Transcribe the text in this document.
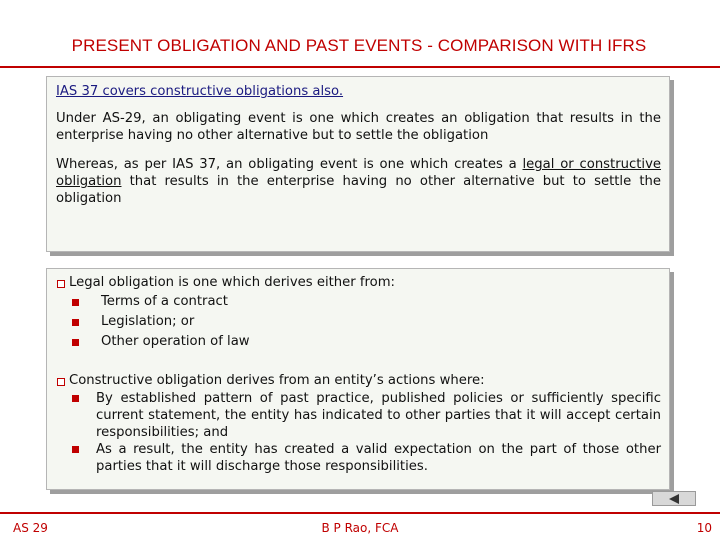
PRESENT OBLIGATION AND PAST EVENTS - COMPARISON WITH IFRS

IAS 37 covers constructive obligations also.

Under AS-29, an obligating event is one which creates an obligation that results in the enterprise having no other alternative but to settle the obligation

Whereas, as per IAS 37, an obligating event is one which creates a legal or constructive obligation that results in the enterprise having no other alternative but to settle the obligation

Legal obligation is one which derives either from:
Terms of a contract
Legislation; or
Other operation of law
Constructive obligation derives from an entity’s actions where:
By established pattern of past practice, published policies or sufficiently specific current statement, the entity has indicated to other parties that it will accept certain responsibilities; and
As a result, the entity has created a valid expectation on the part of those other parties that it will discharge those responsibilities.
AS 29	B P Rao, FCA	10
